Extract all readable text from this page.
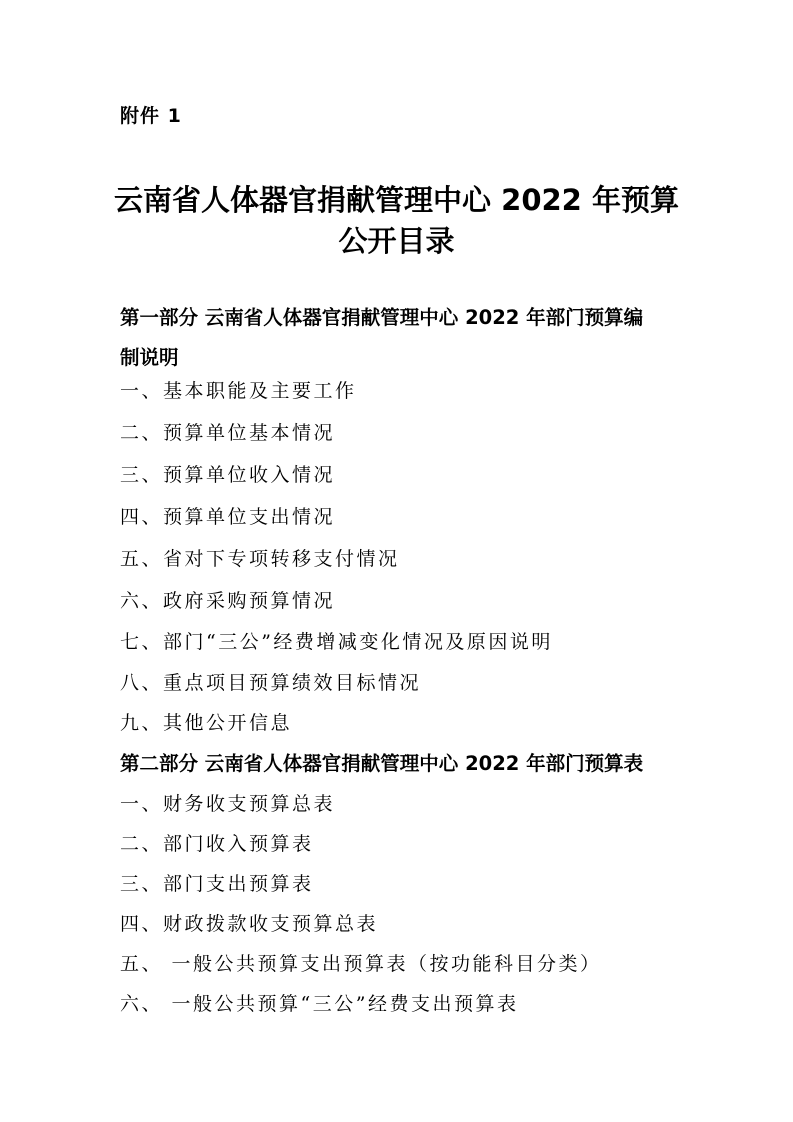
附件 1
云南省人体器官捐献管理中心 2022 年预算
公开目录
第一部分 云南省人体器官捐献管理中心 2022 年部门预算编
制说明
一、基本职能及主要工作
二、预算单位基本情况
三、预算单位收入情况
四、预算单位支出情况
五、省对下专项转移支付情况
六、政府采购预算情况
七、部门“三公”经费增减变化情况及原因说明
八、重点项目预算绩效目标情况
九、其他公开信息
第二部分 云南省人体器官捐献管理中心 2022 年部门预算表
一、财务收支预算总表
二、部门收入预算表
三、部门支出预算表
四、财政拨款收支预算总表
五、 一般公共预算支出预算表（按功能科目分类）
六、 一般公共预算“三公”经费支出预算表
